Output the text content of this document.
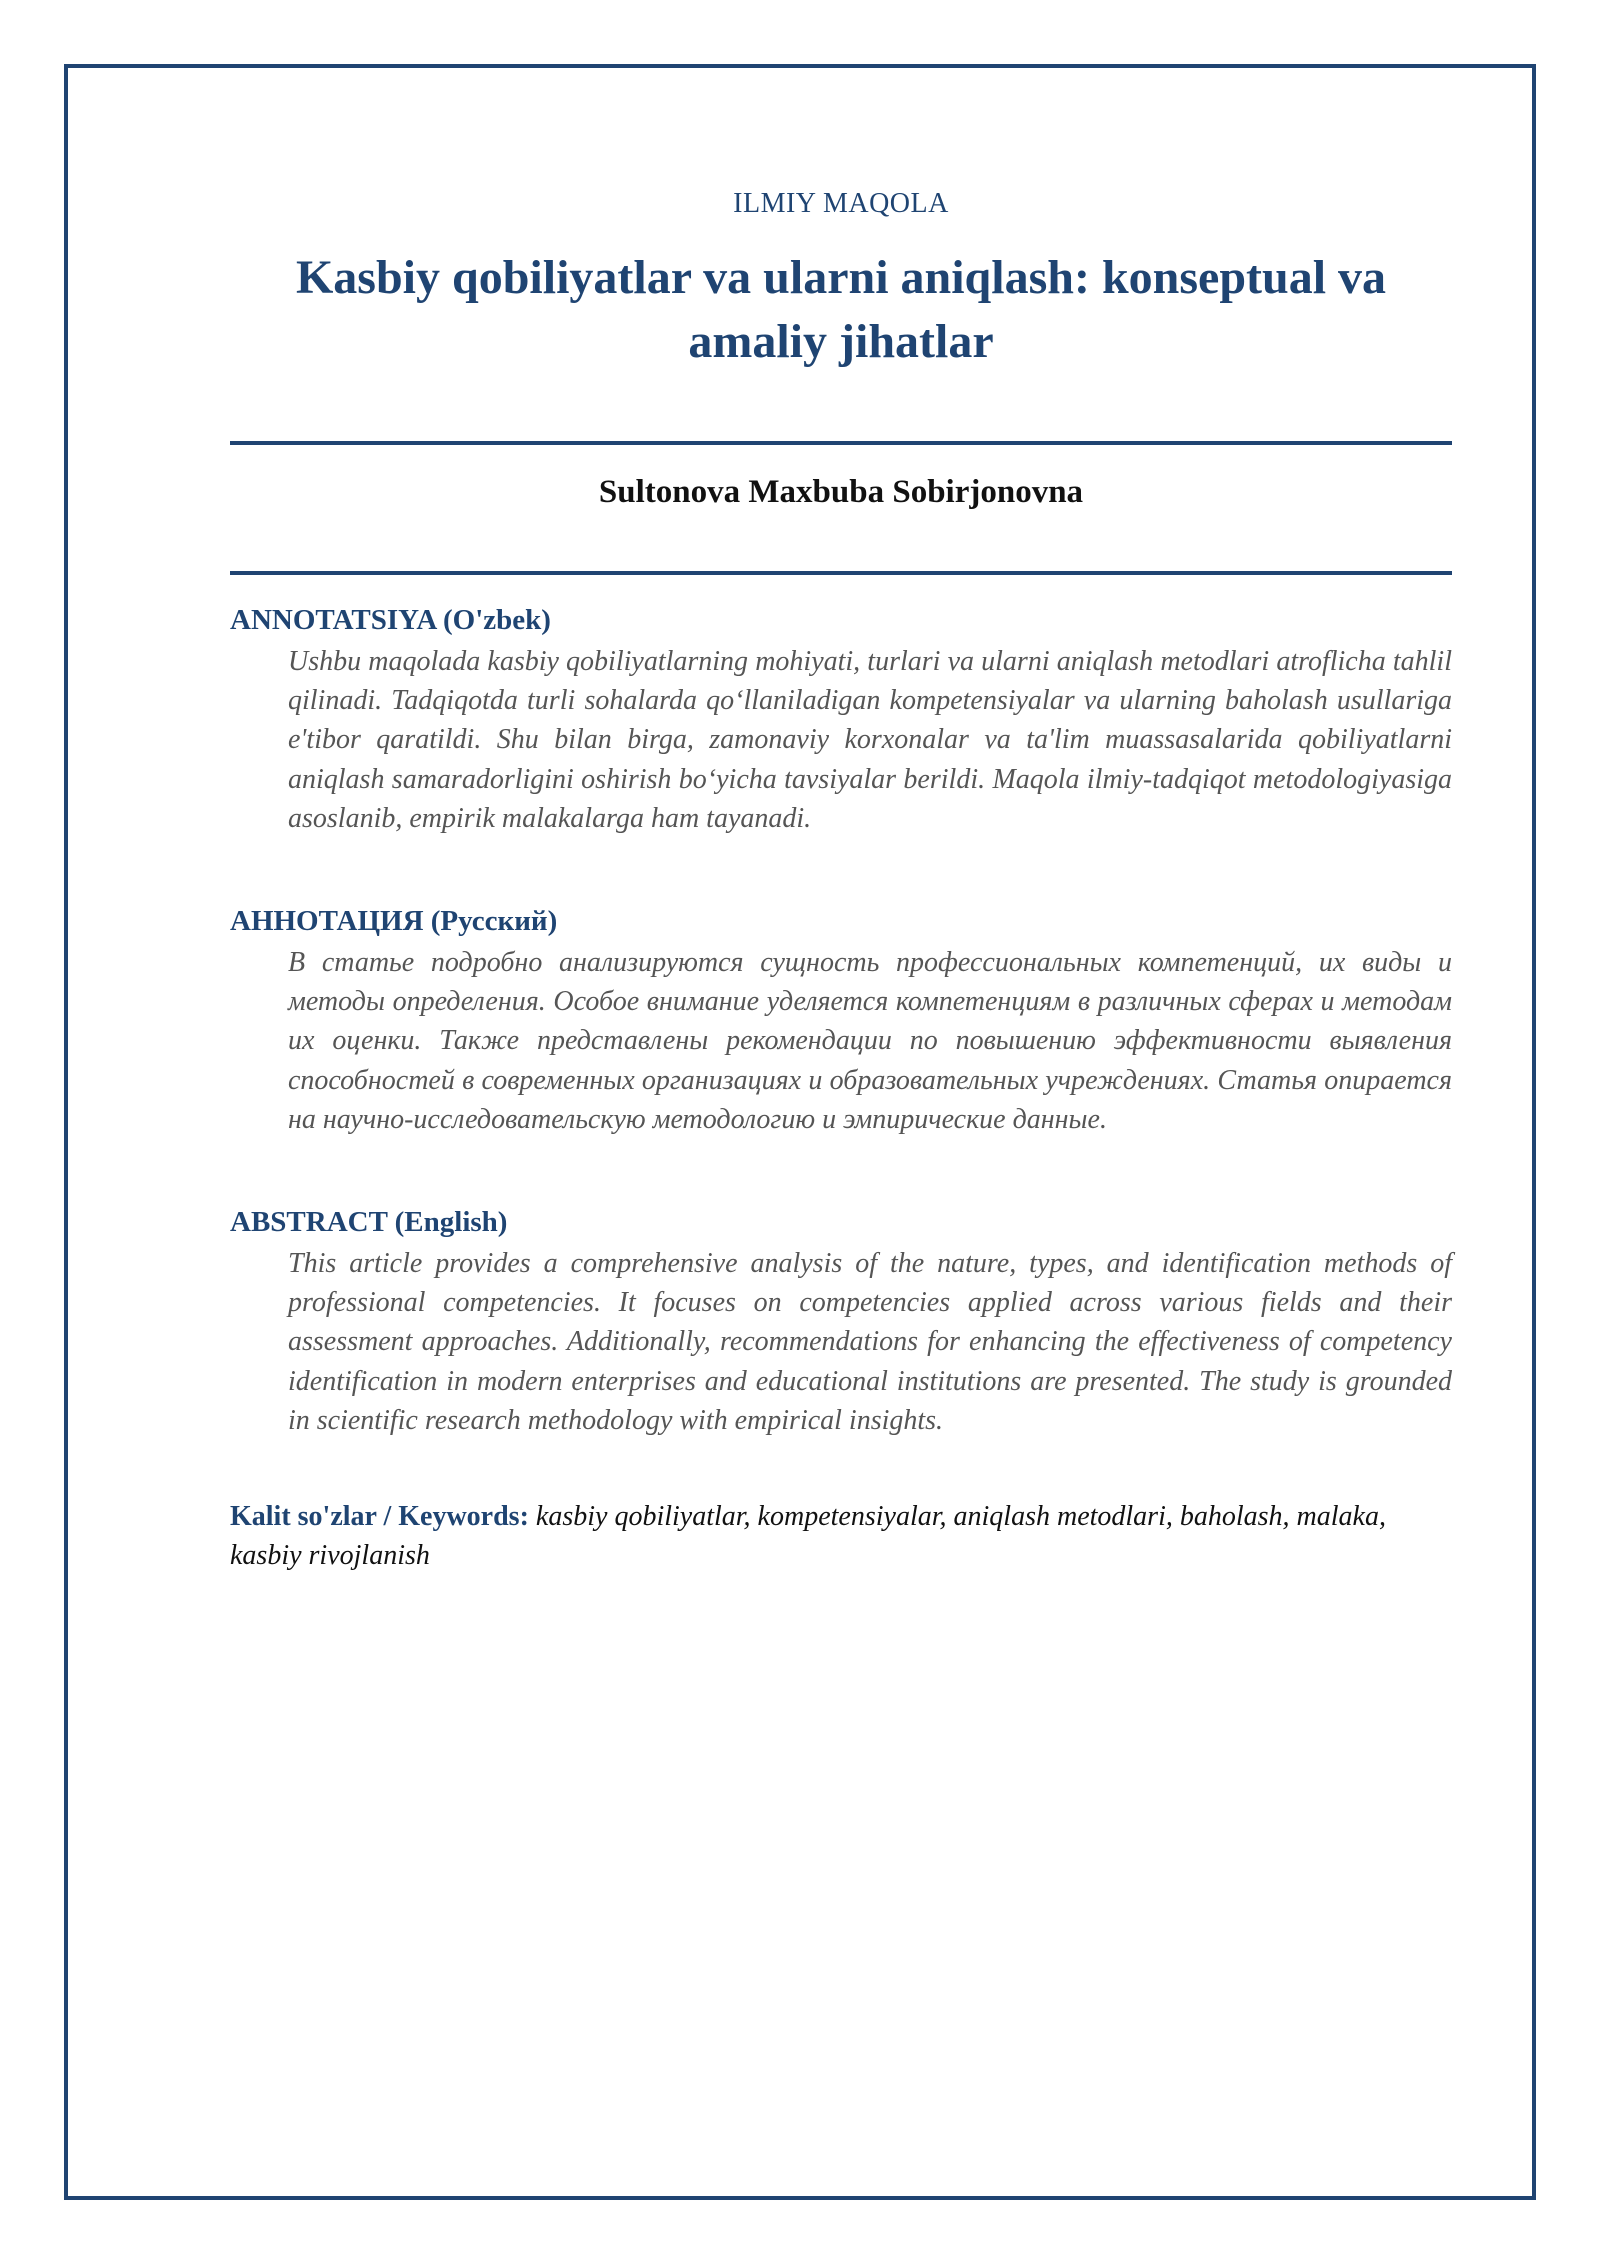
ILMIY MAQOLA
Kasbiy qobiliyatlar va ularni aniqlash: konseptual va amaliy jihatlar
Sultonova Maxbuba Sobirjonovna
ANNOTATSIYA (O'zbek)
Ushbu maqolada kasbiy qobiliyatlarning mohiyati, turlari va ularni aniqlash metodlari atroflicha tahlil qilinadi. Tadqiqotda turli sohalarda qo‘llaniladigan kompetensiyalar va ularning baholash usullariga e'tibor qaratildi. Shu bilan birga, zamonaviy korxonalar va ta'lim muassasalarida qobiliyatlarni aniqlash samaradorligini oshirish bo‘yicha tavsiyalar berildi. Maqola ilmiy-tadqiqot metodologiyasiga asoslanib, empirik malakalarga ham tayanadi.
АННОТАЦИЯ (Русский)
В статье подробно анализируются сущность профессиональных компетенций, их виды и методы определения. Особое внимание уделяется компетенциям в различных сферах и методам их оценки. Также представлены рекомендации по повышению эффективности выявления способностей в современных организациях и образовательных учреждениях. Статья опирается на научно-исследовательскую методологию и эмпирические данные.
ABSTRACT (English)
This article provides a comprehensive analysis of the nature, types, and identification methods of professional competencies. It focuses on competencies applied across various fields and their assessment approaches. Additionally, recommendations for enhancing the effectiveness of competency identification in modern enterprises and educational institutions are presented. The study is grounded in scientific research methodology with empirical insights.
Kalit so'zlar / Keywords: kasbiy qobiliyatlar, kompetensiyalar, aniqlash metodlari, baholash, malaka, kasbiy rivojlanish
